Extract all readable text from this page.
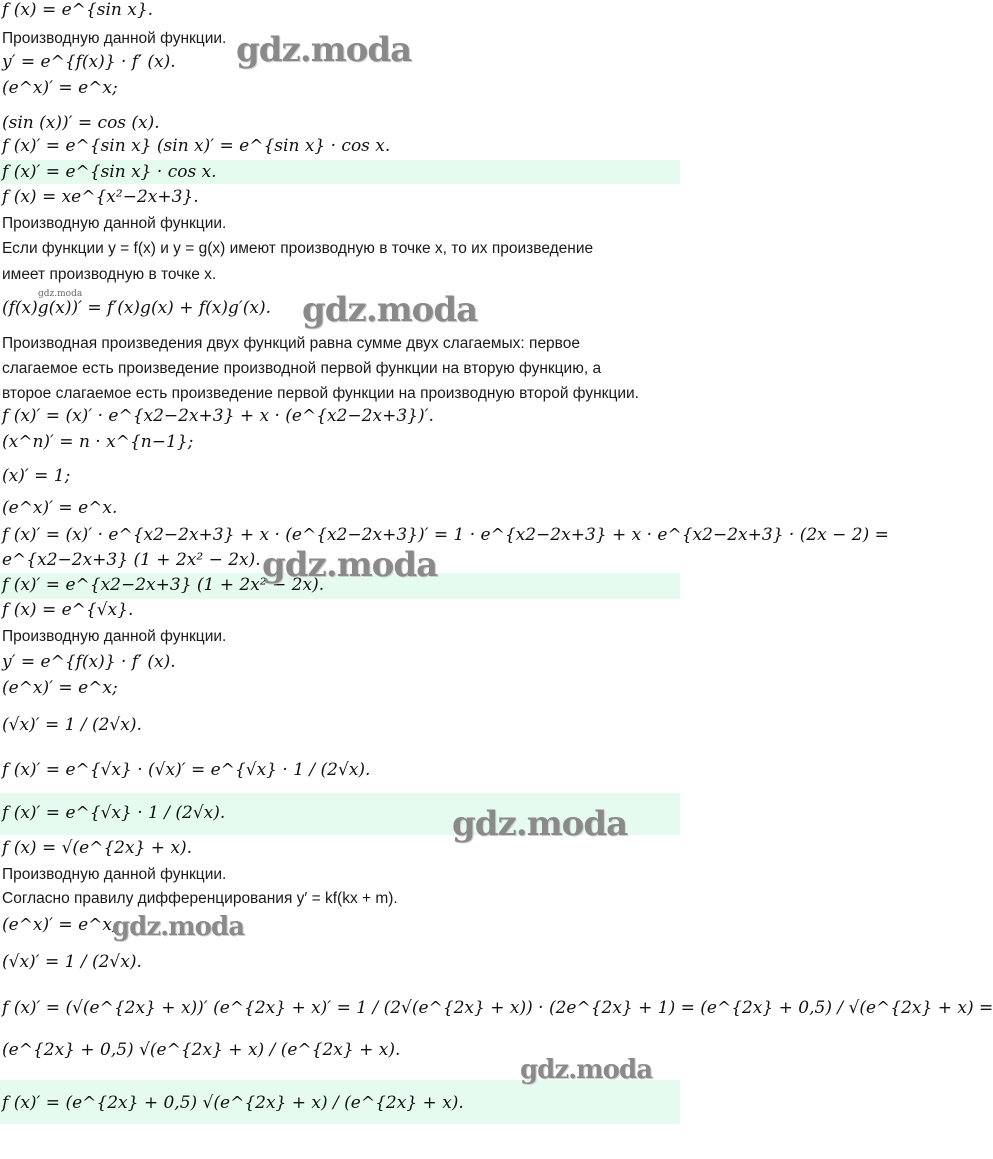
f (x) = e^{sin x}.
Производную данной функции.
y′ = e^{f(x)} · f′ (x).
(e^x)′ = e^x;
(sin (x))′ = cos (x).
f (x)′ = e^{sin x} (sin x)′ = e^{sin x} · cos x.
f (x)′ = e^{sin x} · cos x.
f (x) = xe^{x²−2x+3}.
Производную данной функции.
Если функции y = f(x) и y = g(x) имеют производную в точке x, то их произведение
имеет производную в точке x.
(f(x)g(x))′ = f′(x)g(x) + f(x)g′(x).
Производная произведения двух функций равна сумме двух слагаемых: первое
слагаемое есть произведение производной первой функции на вторую функцию, а
второе слагаемое есть произведение первой функции на производную второй функции.
f (x)′ = (x)′ · e^{x2−2x+3} + x · (e^{x2−2x+3})′.
(x^n)′ = n · x^{n−1};
(x)′ = 1;
(e^x)′ = e^x.
f (x)′ = (x)′ · e^{x2−2x+3} + x · (e^{x2−2x+3})′ = 1 · e^{x2−2x+3} + x · e^{x2−2x+3} · (2x − 2) =
e^{x2−2x+3} (1 + 2x² − 2x).
f (x)′ = e^{x2−2x+3} (1 + 2x² − 2x).
f (x) = e^{√x}.
Производную данной функции.
y′ = e^{f(x)} · f′ (x).
(e^x)′ = e^x;
(√x)′ = 1 / (2√x).
f (x)′ = e^{√x} · (√x)′ = e^{√x} · 1 / (2√x).
f (x)′ = e^{√x} · 1 / (2√x).
f (x) = √(e^{2x} + x).
Производную данной функции.
Согласно правилу дифференцирования y′ = kf(kx + m).
(e^x)′ = e^x;
(√x)′ = 1 / (2√x).
f (x)′ = (√(e^{2x} + x))′ (e^{2x} + x)′ = 1 / (2√(e^{2x} + x)) · (2e^{2x} + 1) = (e^{2x} + 0,5) / √(e^{2x} + x) =
(e^{2x} + 0,5) √(e^{2x} + x) / (e^{2x} + x).
f (x)′ = (e^{2x} + 0,5) √(e^{2x} + x) / (e^{2x} + x).
gdz.moda
gdz.moda	gdz.moda
gdz.moda
gdz.moda
gdz.moda
gdz.moda
